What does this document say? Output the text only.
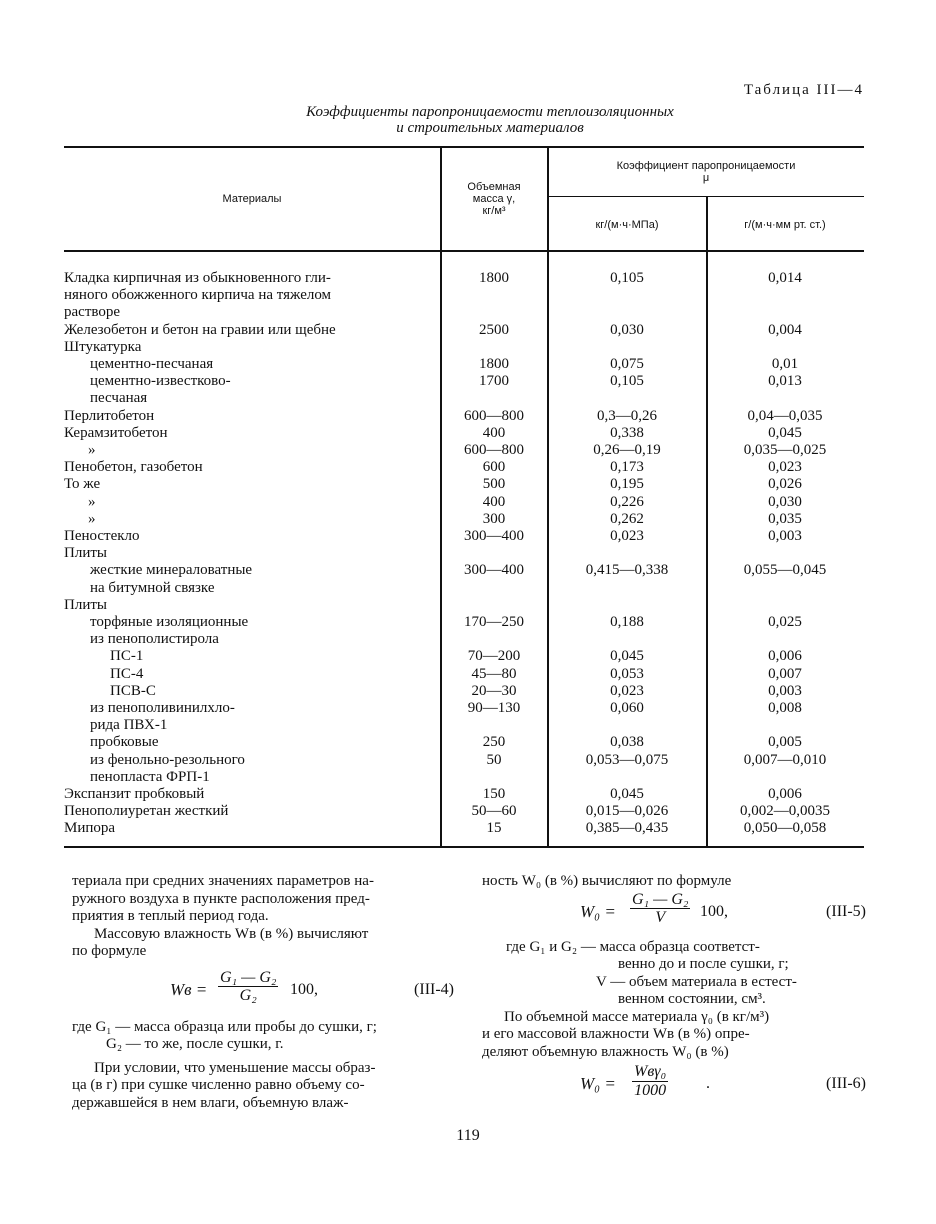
Таблица III—4
Коэффициенты паропроницаемости теплоизоляционных
и строительных материалов
Материалы
Объемная
масса γ,
кг/м³
Коэффициент паропроницаемости
μ
кг/(м·ч·МПа)	г/(м·ч·мм рт. ст.)
Кладка кирпичная из обыкновенного гли-	1800	0,105	0,014
няного обожженного кирпича на тяжелом
растворе
Железобетон и бетон на гравии или щебне	2500	0,030	0,004
Штукатурка
цементно-песчаная	1800	0,075	0,01
цементно-известково-	1700	0,105	0,013
песчаная
Перлитобетон	600—800	0,3—0,26	0,04—0,035
Керамзитобетон	400	0,338	0,045
»	600—800	0,26—0,19	0,035—0,025
Пенобетон, газобетон	600	0,173	0,023
То же	500	0,195	0,026
»	400	0,226	0,030
»	300	0,262	0,035
Пеностекло	300—400	0,023	0,003
Плиты
жесткие минераловатные	300—400	0,415—0,338	0,055—0,045
на битумной связке
Плиты
торфяные изоляционные	170—250	0,188	0,025
из пенополистирола
ПС-1	70—200	0,045	0,006
ПС-4	45—80	0,053	0,007
ПСВ-С	20—30	0,023	0,003
из пенополивинилхло-	90—130	0,060	0,008
рида ПВХ-1
пробковые	250	0,038	0,005
из фенольно-резольного	50	0,053—0,075	0,007—0,010
пенопласта ФРП-1
Экспанзит пробковый	150	0,045	0,006
Пенополиуретан жесткий	50—60	0,015—0,026	0,002—0,0035
Мипора	15	0,385—0,435	0,050—0,058
териала при средних значениях параметров на-
ружного воздуха в пункте расположения пред-
приятия в теплый период года.
Массовую влажность Wв (в %) вычисляют
по формуле
Wв = $\frac{\text{G₁ — G₂}}{\text{G₂}} 100$,	(III-4)
где G₁ — масса образца или пробы до сушки, г;
G₂ — то же, после сушки, г.
При условии, что уменьшение массы образ-
ца (в г) при сушке численно равно объему со-
державшейся в нем влаги, объемную влаж-
ность W₀ (в %) вычисляют по формуле
$W_0 = \frac{\text{G₁ — G₂}}{V} 100$,	(III-5)
где G₁ и G₂ — масса образца соответст-
венно до и после сушки, г;
V — объем материала в естест-
венном состоянии, см³.
По объемной массе материала γ₀ (в кг/м³)
и его массовой влажности Wв (в %) опре-
деляют объемную влажность W₀ (в %)
W₀ =
Wвγ₀
1000 .	(III-6)
119
